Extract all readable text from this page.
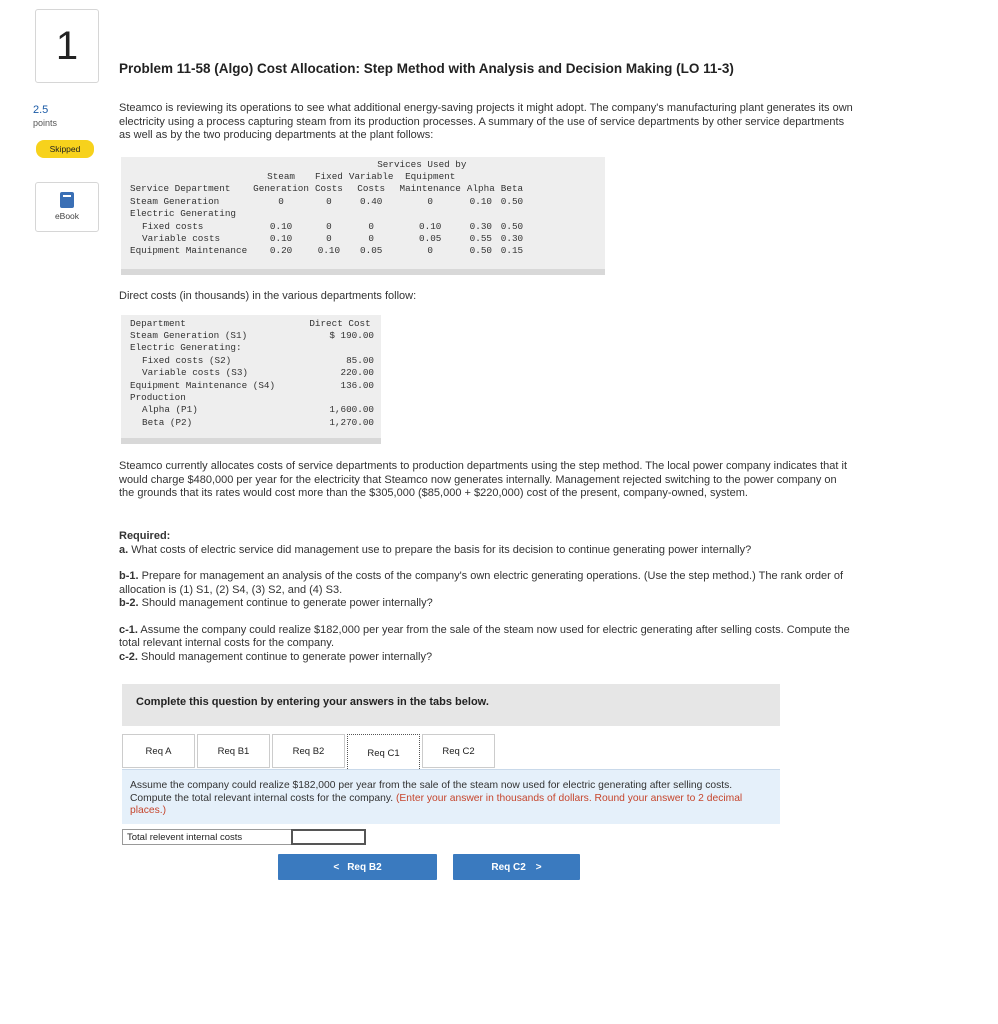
1
2.5
points
Skipped
eBook
Problem 11-58 (Algo) Cost Allocation: Step Method with Analysis and Decision Making (LO 11-3)
Steamco is reviewing its operations to see what additional energy-saving projects it might adopt. The company's manufacturing plant generates its own electricity using a process capturing steam from its production processes. A summary of the use of service departments by other service departments as well as by the two producing departments at the plant follows:
			Services Used by				
	Steam	Fixed	Variable	Equipment			
Service Department	Generation	Costs	Costs	Maintenance	Alpha	Beta	
Steam Generation	0	0	0.40	0	0.10	0.50	
Electric Generating							
Fixed costs	0.10	0	0	0.10	0.30	0.50	
Variable costs	0.10	0	0	0.05	0.55	0.30	
Equipment Maintenance	0.20	0.10	0.05	0	0.50	0.15	
Direct costs (in thousands) in the various departments follow:
Department	Direct Cost
Steam Generation (S1)	$ 190.00
Electric Generating:	
Fixed costs (S2)	85.00
Variable costs (S3)	220.00
Equipment Maintenance (S4)	136.00
Production	
Alpha (P1)	1,600.00
Beta (P2)	1,270.00
Steamco currently allocates costs of service departments to production departments using the step method. The local power company indicates that it would charge $480,000 per year for the electricity that Steamco now generates internally. Management rejected switching to the power company on the grounds that its rates would cost more than the $305,000 ($85,000 + $220,000) cost of the present, company-owned, system.
Required:
a. What costs of electric service did management use to prepare the basis for its decision to continue generating power internally?
b-1. Prepare for management an analysis of the costs of the company's own electric generating operations. (Use the step method.) The rank order of allocation is (1) S1, (2) S4, (3) S2, and (4) S3.
b-2. Should management continue to generate power internally?
c-1. Assume the company could realize $182,000 per year from the sale of the steam now used for electric generating after selling costs. Compute the total relevant internal costs for the company.
c-2. Should management continue to generate power internally?
Complete this question by entering your answers in the tabs below.
Req A	Req B1	Req B2	Req C1	Req C2
Assume the company could realize $182,000 per year from the sale of the steam now used for electric generating after selling costs. Compute the total relevant internal costs for the company. (Enter your answer in thousands of dollars. Round your answer to 2 decimal places.)
Total relevent internal costs
< Req B2	Req C2 >
